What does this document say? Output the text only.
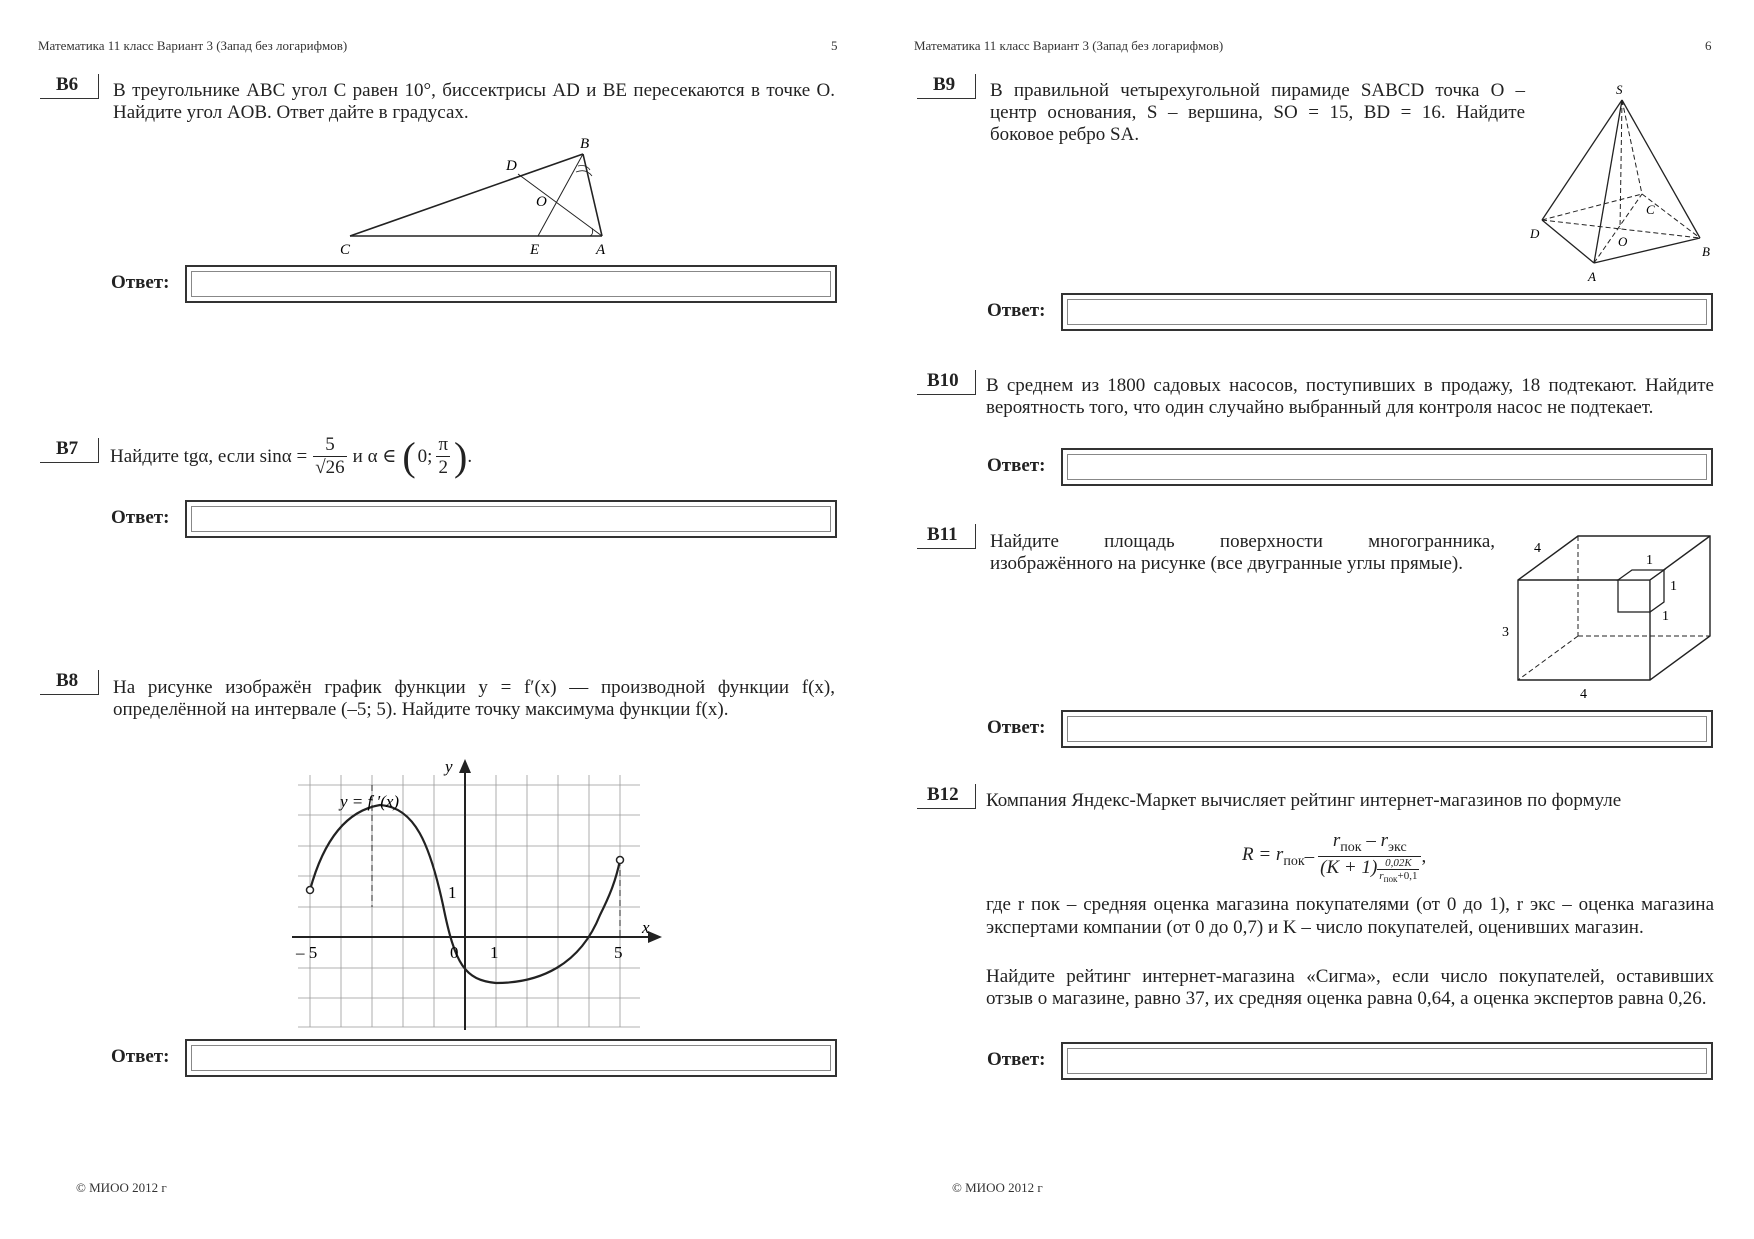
Математика 11 класс Вариант 3 (Запад без логарифмов)	5
B6 В треугольнике ABC угол C равен 10°, биссектрисы AD и BE пересекаются в точке O. Найдите угол AOB. Ответ дайте в градусах.
C
B
A
D
E
O
Ответ:
B7 Найдите tgα, если $\sin\alpha = \frac{5}{√26}$ и α ∈ ( 0;
π
2 ) .
Ответ:
B8 На рисунке изображён график функции y = f′(x) — производной функции f(x), определённой на интервале (–5; 5). Найдите точку максимума функции f(x).
y = f ′(x)
y
x
– 5	0 1
1
5
Ответ:
© МИОО 2012 г
Математика 11 класс Вариант 3 (Запад без логарифмов)	6
B9 В правильной четырехугольной пирамиде SABCD точка O – центр основания, S – вершина, SO = 15, BD = 16. Найдите боковое ребро SA.
S
D
A
B
C
O
Ответ:
B10 В среднем из 1800 садовых насосов, поступивших в продажу, 18 подтекают. Найдите вероятность того, что один случайно выбранный для контроля насос не подтекает.
Ответ:
B11 Найдите площадь поверхности многогранника, изображённого на рисунке (все двугранные углы прямые).
4
3
4
1
1
1
Ответ:
B12 Компания Яндекс-Маркет вычисляет рейтинг интернет-магазинов по формуле
$R = r_{пок}$ –
$r_{пок} - r_{экс}$
(K + 1) 0,02K
$r_{пок}+0,1$
,
где r пок – средняя оценка магазина покупателями (от 0 до 1), r экс – оценка магазина экспертами компании (от 0 до 0,7) и K – число покупателей, оценивших магазин.
Найдите рейтинг интернет-магазина «Сигма», если число покупателей, оставивших отзыв о магазине, равно 37, их средняя оценка равна 0,64, а оценка экспертов равна 0,26.
Ответ:
© МИОО 2012 г
